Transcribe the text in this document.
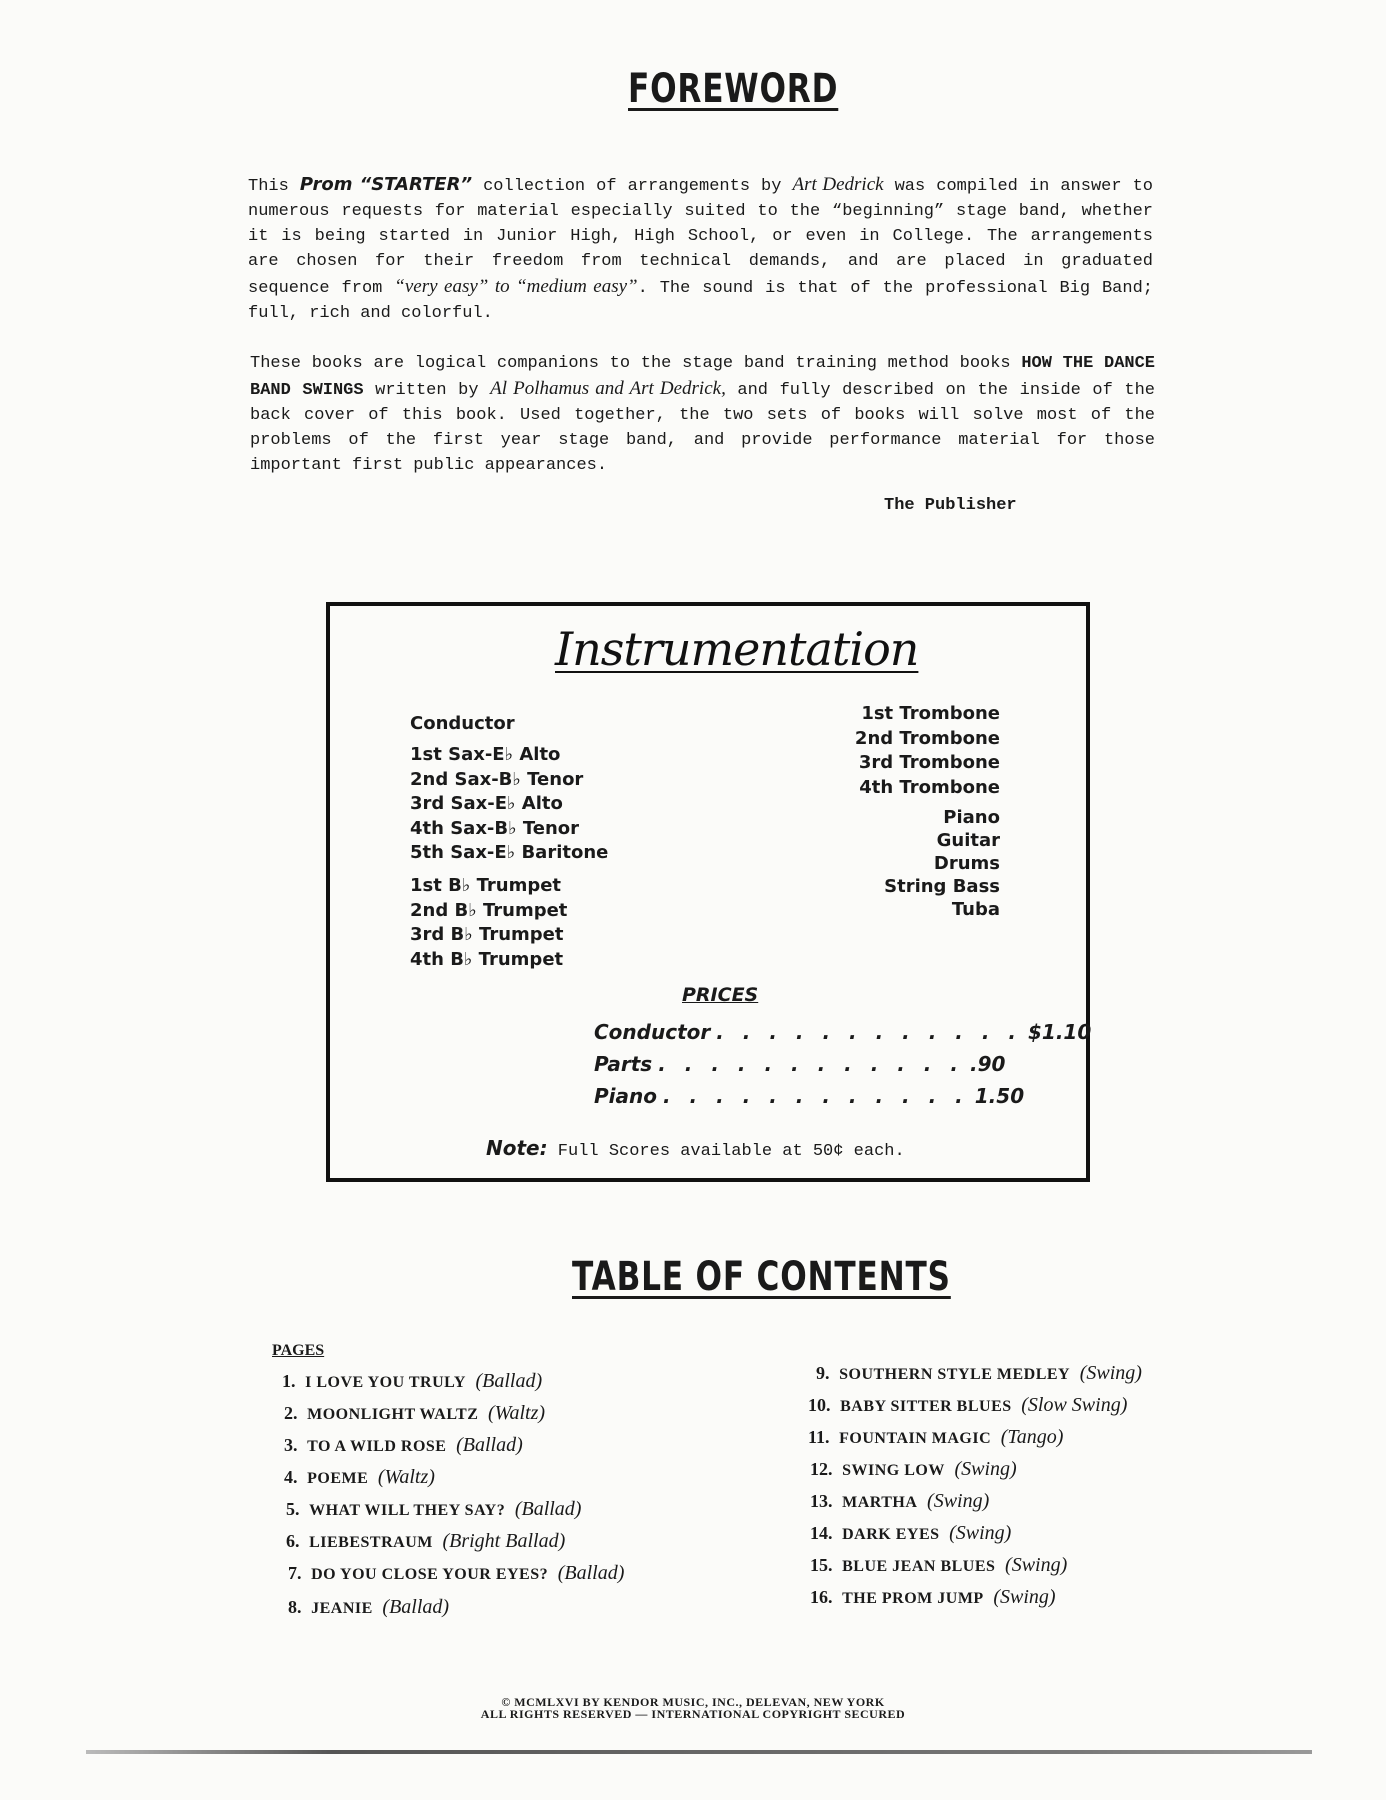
FOREWORD

This Prom “STARTER” collection of arrangements by Art Dedrick was compiled in answer to numerous requests for material especially suited to the “beginning” stage band, whether it is being started in Junior High, High School, or even in College. The arrangements are chosen for their freedom from technical demands, and are placed in graduated sequence from “very easy” to “medium easy”. The sound is that of the professional Big Band; full, rich and colorful.

These books are logical companions to the stage band training method books HOW THE DANCE BAND SWINGS written by Al Polhamus and Art Dedrick, and fully described on the inside of the back cover of this book. Used together, the two sets of books will solve most of the problems of the first year stage band, and provide performance material for those important first public appearances.

The Publisher
Instrumentation
Conductor
1st Sax-E♭ Alto
2nd Sax-B♭ Tenor
3rd Sax-E♭ Alto
4th Sax-B♭ Tenor
5th Sax-E♭ Baritone
1st B♭ Trumpet
2nd B♭ Trumpet
3rd B♭ Trumpet
4th B♭ Trumpet
1st Trombone
2nd Trombone
3rd Trombone
4th Trombone
Piano
Guitar
Drums
String Bass
Tuba
PRICES
Conductor . . . . . . . . . . . . $1.10
Parts . . . . . . . . . . . . .90
Piano . . . . . . . . . . . . 1.50
Note: Full Scores available at 50¢ each.
TABLE OF CONTENTS
PAGES
1. I LOVE YOU TRULY (Ballad)
2. MOONLIGHT WALTZ (Waltz)
3. TO A WILD ROSE (Ballad)
4. POEME (Waltz)
5. WHAT WILL THEY SAY? (Ballad)
6. LIEBESTRAUM (Bright Ballad)
7. DO YOU CLOSE YOUR EYES? (Ballad)
8. JEANIE (Ballad)
9. SOUTHERN STYLE MEDLEY (Swing)
10. BABY SITTER BLUES (Slow Swing)
11. FOUNTAIN MAGIC (Tango)
12. SWING LOW (Swing)
13. MARTHA (Swing)
14. DARK EYES (Swing)
15. BLUE JEAN BLUES (Swing)
16. THE PROM JUMP (Swing)
© MCMLXVI BY KENDOR MUSIC, INC., DELEVAN, NEW YORK
ALL RIGHTS RESERVED — INTERNATIONAL COPYRIGHT SECURED
